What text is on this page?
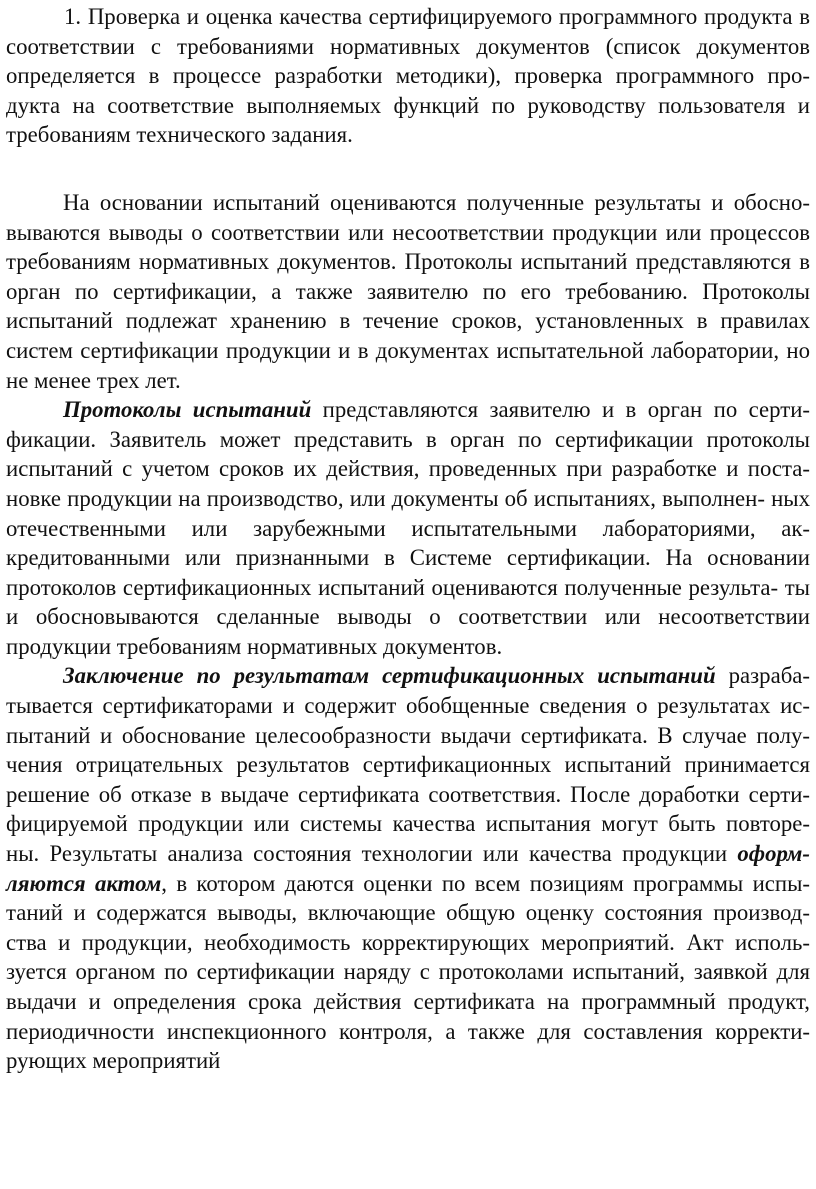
1. Проверка и оценка качества сертифицируемого программного продукта в соответствии с требованиями нормативных документов (список документов определяется в процессе разработки методики), проверка программного про- дукта на соответствие выполняемых функций по руководству пользователя и требованиям технического задания.

На основании испытаний оцениваются полученные результаты и обосно- вываются выводы о соответствии или несоответствии продукции или процессов требованиям нормативных документов. Протоколы испытаний представляются в орган по сертификации, а также заявителю по его требованию. Протоколы испытаний подлежат хранению в течение сроков, установленных в правилах систем сертификации продукции и в документах испытательной лаборатории, но не менее трех лет.

Протоколы испытаний представляются заявителю и в орган по серти- фикации. Заявитель может представить в орган по сертификации протоколы испытаний с учетом сроков их действия, проведенных при разработке и поста- новке продукции на производство, или документы об испытаниях, выполнен- ных отечественными или зарубежными испытательными лабораториями, ак- кредитованными или признанными в Системе сертификации. На основании протоколов сертификационных испытаний оцениваются полученные результа- ты и обосновываются сделанные выводы о соответствии или несоответствии продукции требованиям нормативных документов.

Заключение по результатам сертификационных испытаний разраба- тывается сертификаторами и содержит обобщенные сведения о результатах ис- пытаний и обоснование целесообразности выдачи сертификата. В случае полу- чения отрицательных результатов сертификационных испытаний принимается решение об отказе в выдаче сертификата соответствия. После доработки серти- фицируемой продукции или системы качества испытания могут быть повторе- ны. Результаты анализа состояния технологии или качества продукции оформ- ляются актом, в котором даются оценки по всем позициям программы испы- таний и содержатся выводы, включающие общую оценку состояния производ- ства и продукции, необходимость корректирующих мероприятий. Акт исполь- зуется органом по сертификации наряду с протоколами испытаний, заявкой для выдачи и определения срока действия сертификата на программный продукт, периодичности инспекционного контроля, а также для составления корректи- рующих мероприятий
